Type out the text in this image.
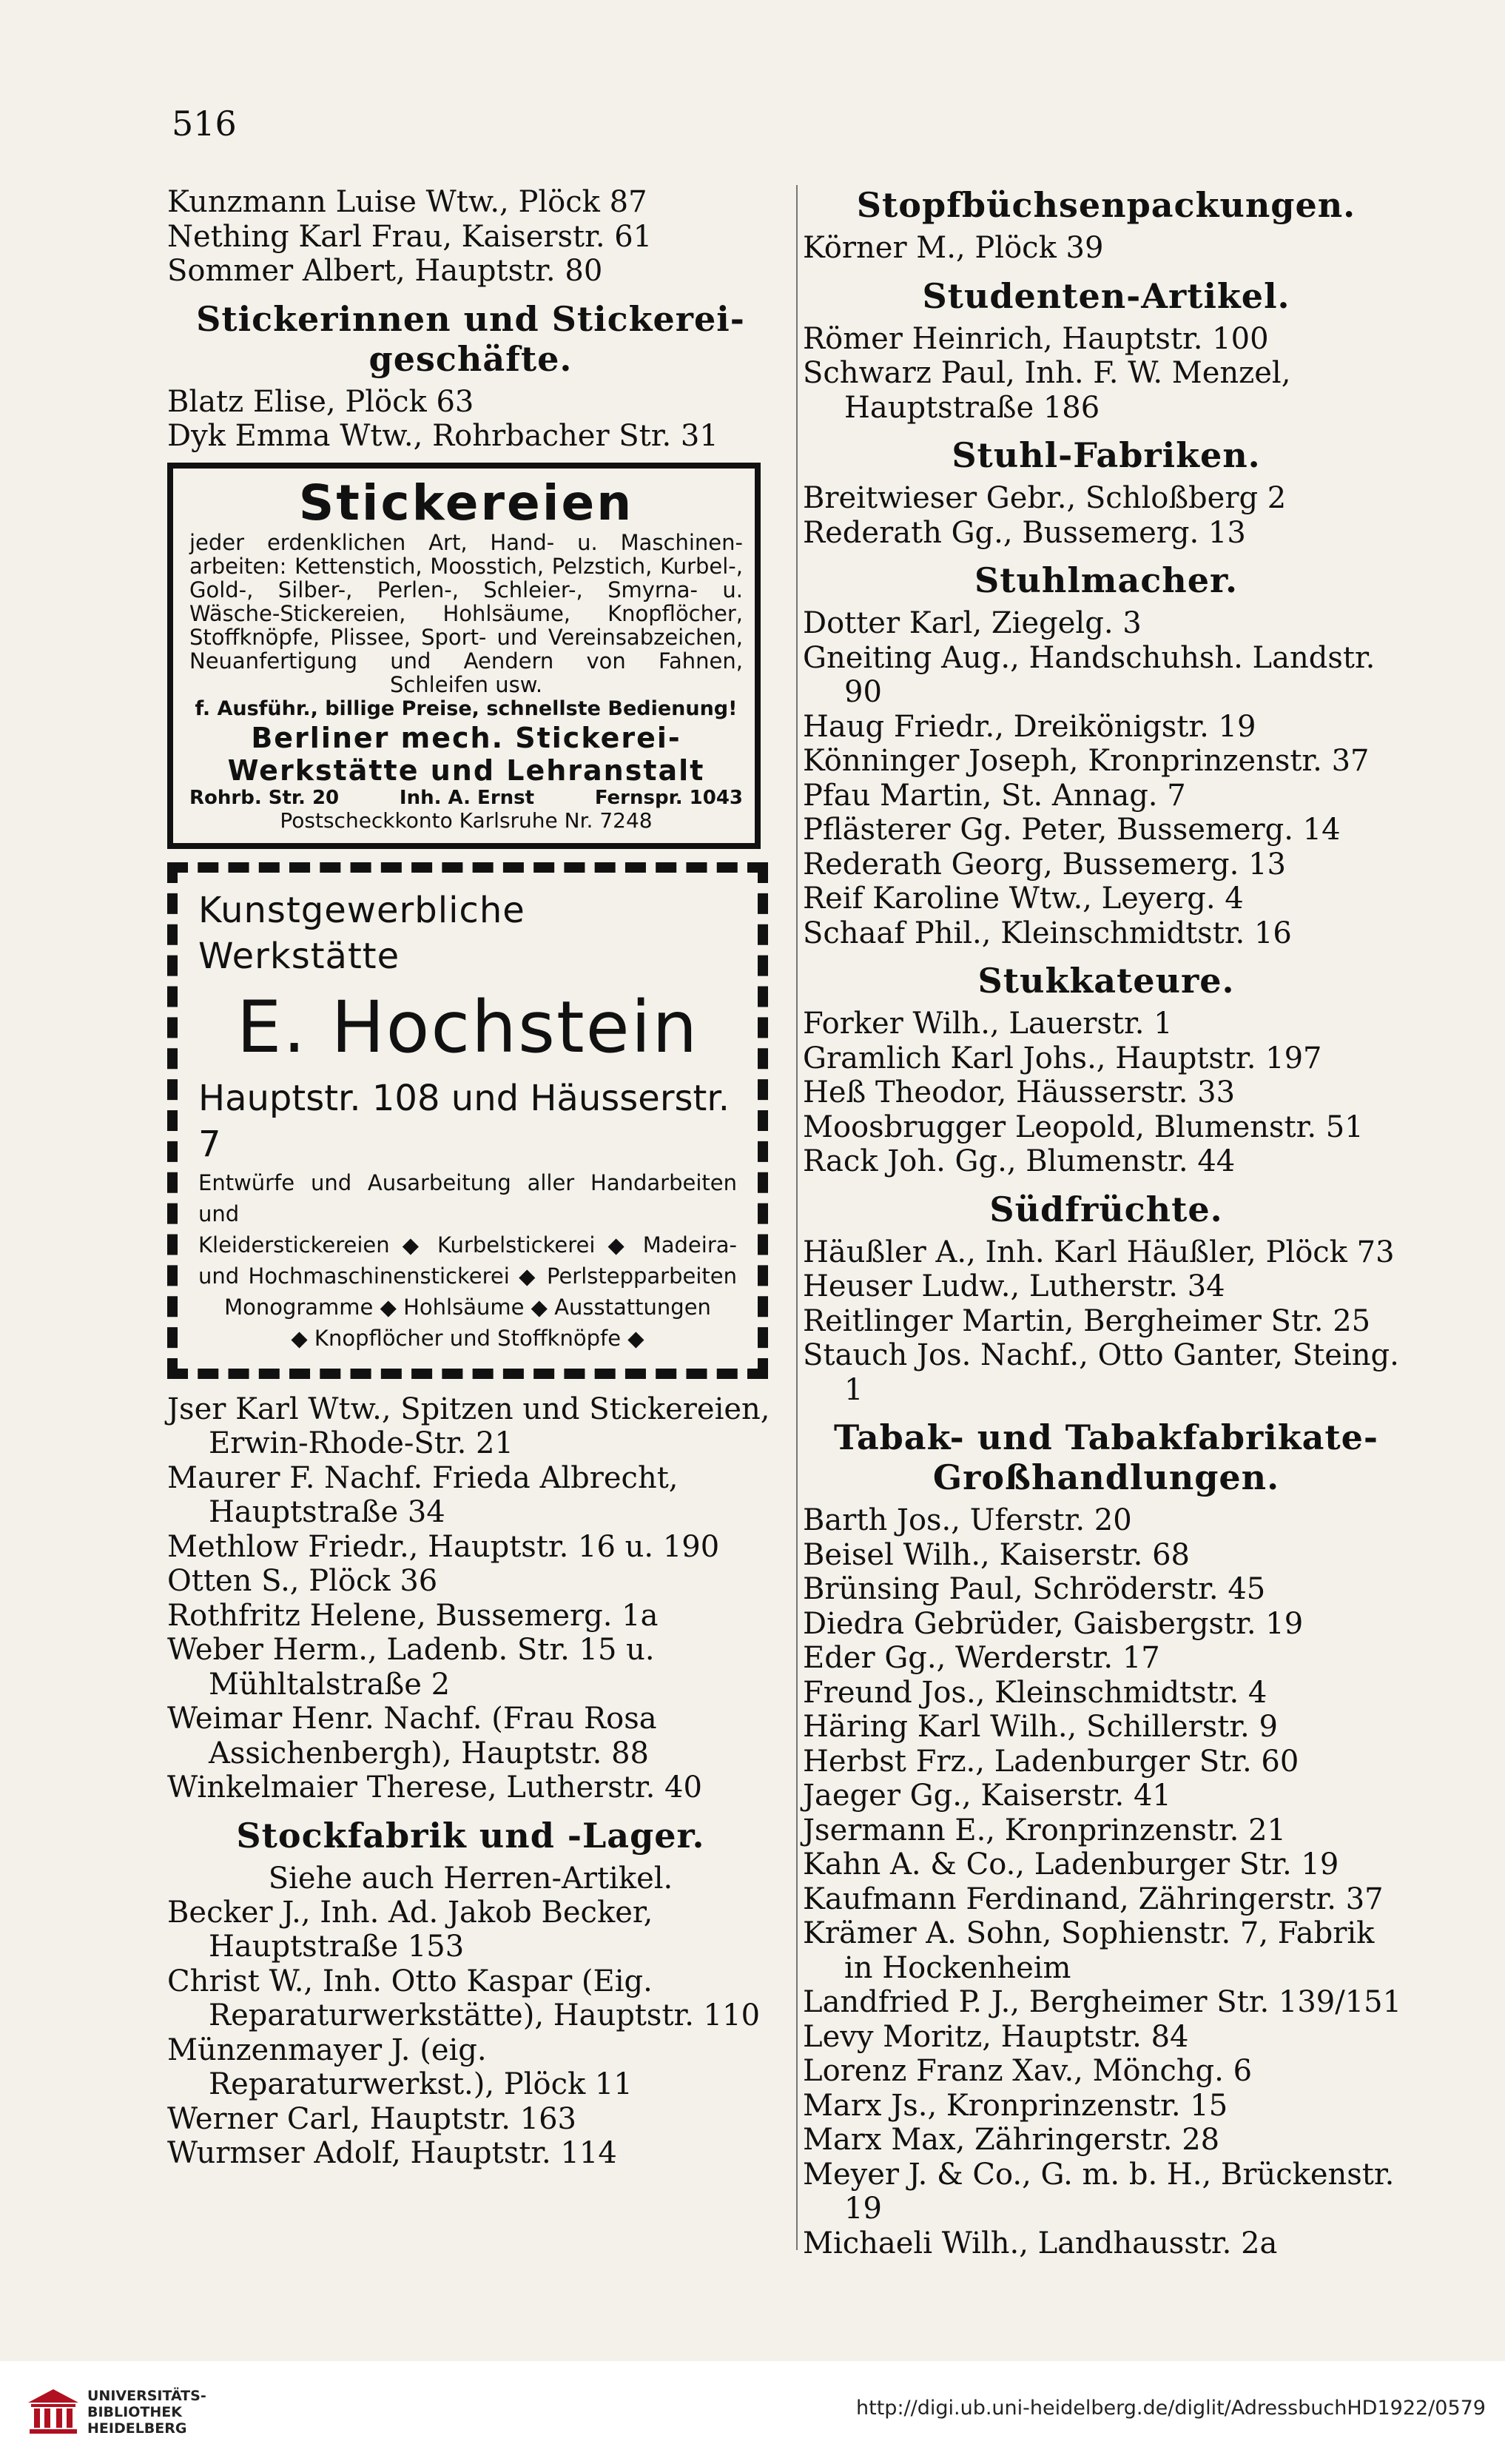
516
Kunzmann Luise Wtw., Plöck 87
Nething Karl Frau, Kaiserstr. 61
Sommer Albert, Hauptstr. 80
Stickerinnen und Stickerei-geschäfte.
Blatz Elise, Plöck 63
Dyk Emma Wtw., Rohrbacher Str. 31
Stickereien
jeder erdenklichen Art, Hand- u. Maschinen-arbeiten: Kettenstich, Moosstich, Pelzstich, Kurbel-, Gold-, Silber-, Perlen-, Schleier-, Smyrna- u. Wäsche-Stickereien, Hohlsäume, Knopflöcher, Stoffknöpfe, Plissee, Sport- und Vereinsabzeichen, Neuanfertigung und Aendern von Fahnen, Schleifen usw.
f. Ausführ., billige Preise, schnellste Bedienung!
Berliner mech. Stickerei-
Werkstätte und Lehranstalt
Rohrb. Str. 20	Inh. A. Ernst	Fernspr. 1043
Postscheckkonto Karlsruhe Nr. 7248
Kunstgewerbliche Werkstätte
E. Hochstein
Hauptstr. 108 und Häusserstr. 7
Entwürfe und Ausarbeitung aller Handarbeiten und
Kleiderstickereien ◆ Kurbelstickerei ◆ Madeira-
und Hochmaschinenstickerei ◆ Perlstepparbeiten
Monogramme ◆ Hohlsäume ◆ Ausstattungen
◆ Knopflöcher und Stoffknöpfe ◆
Jser Karl Wtw., Spitzen und Stickereien, Erwin-Rhode-Str. 21
Maurer F. Nachf. Frieda Albrecht, Hauptstraße 34
Methlow Friedr., Hauptstr. 16 u. 190
Otten S., Plöck 36
Rothfritz Helene, Bussemerg. 1a
Weber Herm., Ladenb. Str. 15 u. Mühltalstraße 2
Weimar Henr. Nachf. (Frau Rosa Assichenbergh), Hauptstr. 88
Winkelmaier Therese, Lutherstr. 40
Stockfabrik und -Lager.
Siehe auch Herren-Artikel.
Becker J., Inh. Ad. Jakob Becker, Hauptstraße 153
Christ W., Inh. Otto Kaspar (Eig. Reparaturwerkstätte), Hauptstr. 110
Münzenmayer J. (eig. Reparaturwerkst.), Plöck 11
Werner Carl, Hauptstr. 163
Wurmser Adolf, Hauptstr. 114
Stopfbüchsenpackungen.
Körner M., Plöck 39
Studenten-Artikel.
Römer Heinrich, Hauptstr. 100
Schwarz Paul, Inh. F. W. Menzel, Hauptstraße 186
Stuhl-Fabriken.
Breitwieser Gebr., Schloßberg 2
Rederath Gg., Bussemerg. 13
Stuhlmacher.
Dotter Karl, Ziegelg. 3
Gneiting Aug., Handschuhsh. Landstr. 90
Haug Friedr., Dreikönigstr. 19
Könninger Joseph, Kronprinzenstr. 37
Pfau Martin, St. Annag. 7
Pflästerer Gg. Peter, Bussemerg. 14
Rederath Georg, Bussemerg. 13
Reif Karoline Wtw., Leyerg. 4
Schaaf Phil., Kleinschmidtstr. 16
Stukkateure.
Forker Wilh., Lauerstr. 1
Gramlich Karl Johs., Hauptstr. 197
Heß Theodor, Häusserstr. 33
Moosbrugger Leopold, Blumenstr. 51
Rack Joh. Gg., Blumenstr. 44
Südfrüchte.
Häußler A., Inh. Karl Häußler, Plöck 73
Heuser Ludw., Lutherstr. 34
Reitlinger Martin, Bergheimer Str. 25
Stauch Jos. Nachf., Otto Ganter, Steing. 1
Tabak- und Tabakfabrikate-Großhandlungen.
Barth Jos., Uferstr. 20
Beisel Wilh., Kaiserstr. 68
Brünsing Paul, Schröderstr. 45
Diedra Gebrüder, Gaisbergstr. 19
Eder Gg., Werderstr. 17
Freund Jos., Kleinschmidtstr. 4
Häring Karl Wilh., Schillerstr. 9
Herbst Frz., Ladenburger Str. 60
Jaeger Gg., Kaiserstr. 41
Jsermann E., Kronprinzenstr. 21
Kahn A. & Co., Ladenburger Str. 19
Kaufmann Ferdinand, Zähringerstr. 37
Krämer A. Sohn, Sophienstr. 7, Fabrik in Hockenheim
Landfried P. J., Bergheimer Str. 139/151
Levy Moritz, Hauptstr. 84
Lorenz Franz Xav., Mönchg. 6
Marx Js., Kronprinzenstr. 15
Marx Max, Zähringerstr. 28
Meyer J. & Co., G. m. b. H., Brückenstr. 19
Michaeli Wilh., Landhausstr. 2a
UNIVERSITÄTS-
BIBLIOTHEK
HEIDELBERG
http://digi.ub.uni-heidelberg.de/diglit/AdressbuchHD1922/0579
